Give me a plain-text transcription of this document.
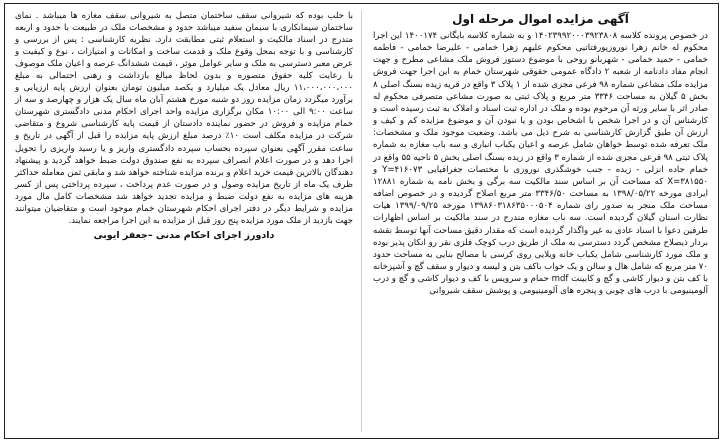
آگهی مزایده اموال مرحله اول

در خصوص پرونده کلاسه ۱۴۰۲۳۹۹۲۰۰۰۳۹۲۳۸۰۸ و به شماره کلاسه بایگانی ۱۴۰۰۱۷۴ این اجرا محکوم له خانم زهرا نوروزپورفتاتیی محکوم علیهم زهرا خمامی - علیرضا خمامی - فاطمه خمامی - حمید خمامی - شهربانو روحی با موضوع دستور فروش ملک مشاعی مطرح و جهت انجام مفاد دادنامه از شعبه ۲ دادگاه عمومی حقوقی شهرستان خمام به این اجرا جهت فروش مزایده ملک مشاعی شماره ۹۸ فرعی مجزی شده از ۱ پلاک ۳ واقع در قریه زیده بسنگ اصلی ۸ بخش ۵ گیلان به مساحت ۳۳۴۶ متر مربع و پلاک ثبتی به صورت مشاعی متصرفی محکوم له صادر اثر با سایر ورثه آن مرحوم بوده و ملک در اداره ثبت اسناد و املاک به ثبت رسیده است و کارشناس آن و در اجرا شخص با اشخاص بودن و یا نبودن آن و موضوع مزایده کم و کیف و ارزش آن طبق گزارش کارشناسی به شرح ذیل می باشد. وضعیت موجود ملک و مشخصات: ملک تعرفه شده توسط خواهان شامل عرصه و اعیان یکباب انباری و سه باب مغازه به شماره پلاک ثبتی ۹۸ فرعی مجزی شده از شماره ۳ واقع در زیده بسنگ اصلی بخش ۵ ناحیه ۵۵ واقع در خمام جاده انزلی - زیده - جنب خوشگذری نوروزی با مختصات جغرافیایی Y=۴۱۶۰۷۳ و X=۳۸۱۵۵۰ که مساحت آن بر اساس سند مالکیت سه برگی و بخش نامه به شماره ۱۲۸۸۱ ایرادی مورخه ۱۳۹۸/۰۵/۲۲ به مساحت ۳۳۴۶/۵۰ متر مربع اصلاح گردیده و در خصوص اضافه مساحت ملک منجر به صدور رای شماره ۱۳۹۸۶۰۳۱۸۶۳۵۰۰۰۵۰۴ مورخه ۱۳۹۹/۰۹/۲۵ هیات نظارت استان گیلان گردیده است. سه باب مغازه مندرج در سند مالکیت بر اساس اظهارات طرفین دعوا با اسناد عادی به غیر واگذار گردیده است که مقدار دقیق مساحت آنها توسط نقشه بردار ذیصلاح مشخص گردد دسترسی به ملک از طریق درب کوچک فلزی نقر رو انکان پذیر بوده و ملک مورد کارشناسی شامل یکباب خانه ویلایی روی کرسی با مصالح بنایی به مساحت حدود ۷۰ متر مربع که شامل هال و سالن و یک خواب باکف بتن و لیسه و دیوار و سقف گچ و آشپزخانه با کف بتن و دیوار کاشی و گچ و کابینت mdf حمام و سرویس با کف و دیوار کاشی و گچ و درب آلومینیومی با درب های چوبی و پنجره های آلومینیومی و پوشش سقف شیروانی

با حلب بوده که شیروانی سقف ساختمان متصل به شیروانی سقف مغازه ها میباشد . نمای ساختمان سیمانکاری با سیمان سفید میباشد حدود و مشخصات ملک در طبیعت با حدود و اربعه مندرج در اسناد مالکیت و استعلام ثبتی مطابقت دارد. نظریه کارشناسی : پس از بررسی و کارشناسی و با توجه بمحل وقوع ملک و قدمت ساخت و امکانات و امتیازات ، نوع و کیفیت و عرض معبر دسترسی به ملک و سایر عوامل موثر ، قیمت ششدانگ عرصه و اعیان ملک موصوف با رعایت کلیه حقوق متصوره و بدون لحاظ مبالغ بازداشت و رهنی احتمالی به مبلغ ۱۱،۰۰۰،۰۰۰،۰۰۰ ریال معادل یک میلیارد و یکصد میلیون تومان بعنوان ارزش پایه ارزیابی و برآورد میگردد زمان مزایده روز دو شنبه مورخ هشتم آبان ماه سال یک هزار و چهارصد و سه از ساعت ۹:۰۰ الی ۱۰:۰۰ مکان برگزاری مزایده واحد اجرای احکام مدنی دادگستری شهرستان خمام مزایده و فروش در حضور نماینده دادستان از قیمت پایه کارشناسی شروع و متقاضی شرکت در مزایده مکلف است ۱۰٪ درصد مبلغ ارزش پایه مزایده را قبل از آگهی در تاریخ و ساعت مقرر آگهی بعنوان سپرده بحساب سپرده دادگستری واریز و یا رسید واریزی را تحویل اجرا دهد و در صورت اعلام انصراف سپرده به نفع صندوق دولت ضبط خواهد گردید و پیشنهاد دهندگان بالاترین قیمت خرید اعلام و برنده مزایده شناخته خواهد شد و مابقی ثمن معامله حداکثر ظرف یک ماه از تاریخ مزایده وصول و در صورت عدم پرداخت ، سپرده پرداختی پس از کسر هزینه های مزایده به نفع دولت ضبط و مزایده تجدید خواهد شد مشخصات کامل مال مورد مزایده و شرایط دیگر در دفتر اجرای احکام شهرستان خمام موجود است و متقاضیان میتوانند جهت بازدید از ملک مورد مزایده پنج روز قبل از مزایده به این اجرا مراجعه نمایند.

دادورز اجرای احکام مدنی –جعفر ایوبی
